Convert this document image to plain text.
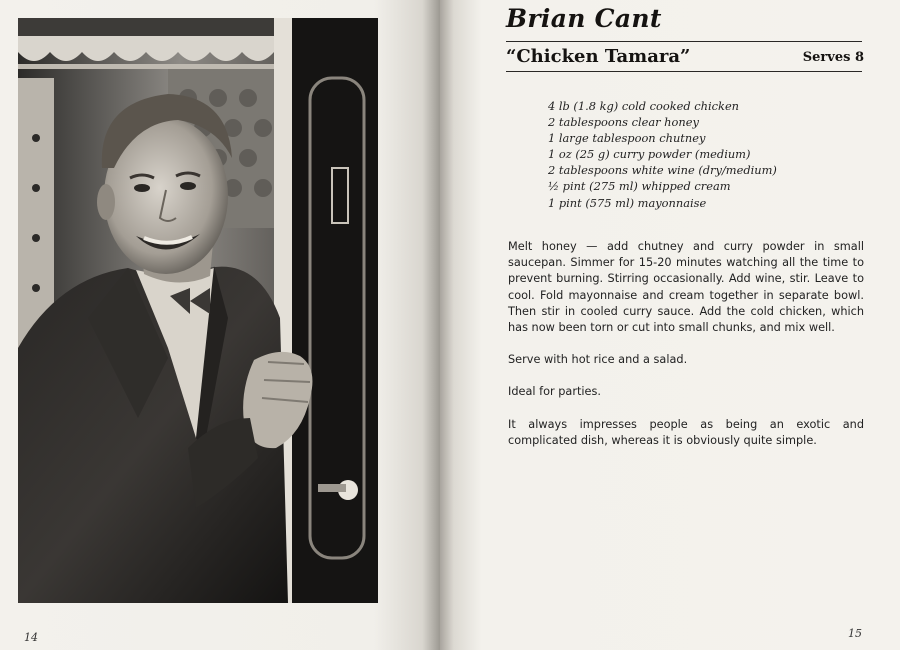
14
Brian Cant
“Chicken Tamara”	Serves 8
4 lb (1.8 kg) cold cooked chicken
2 tablespoons clear honey
1 large tablespoon chutney
1 oz (25 g) curry powder (medium)
2 tablespoons white wine (dry/medium)
½ pint (275 ml) whipped cream
1 pint (575 ml) mayonnaise

Melt honey — add chutney and curry powder in small saucepan. Simmer for 15-20 minutes watching all the time to prevent burning. Stirring occasionally. Add wine, stir. Leave to cool. Fold mayonnaise and cream together in separate bowl. Then stir in cooled curry sauce. Add the cold chicken, which has now been torn or cut into small chunks, and mix well.

Serve with hot rice and a salad.

Ideal for parties.

It always impresses people as being an exotic and complicated dish, whereas it is obviously quite simple.

15
